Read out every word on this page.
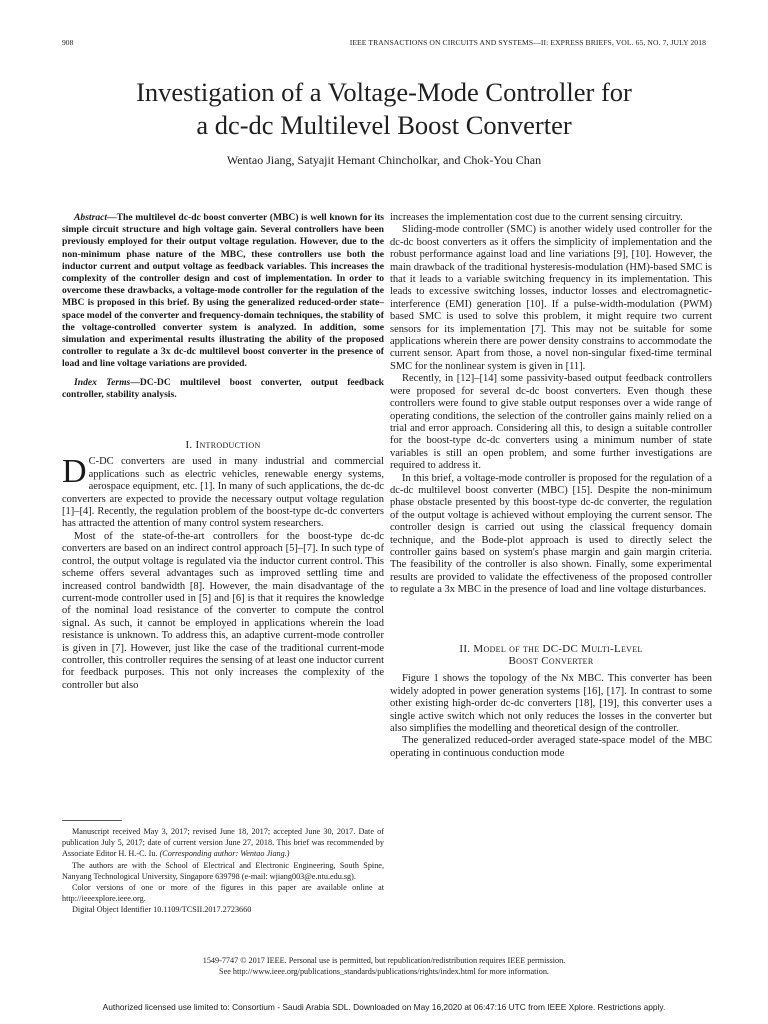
908	IEEE TRANSACTIONS ON CIRCUITS AND SYSTEMS—II: EXPRESS BRIEFS, VOL. 65, NO. 7, JULY 2018
Investigation of a Voltage-Mode Controller for
a dc-dc Multilevel Boost Converter
Wentao Jiang, Satyajit Hemant Chincholkar, and Chok-You Chan

Abstract—The multilevel dc-dc boost converter (MBC) is well known for its simple circuit structure and high voltage gain. Several controllers have been previously employed for their output voltage regulation. However, due to the non-minimum phase nature of the MBC, these controllers use both the inductor current and output voltage as feedback variables. This increases the complexity of the controller design and cost of implementation. In order to overcome these drawbacks, a voltage-mode controller for the regulation of the MBC is proposed in this brief. By using the generalized reduced-order state–space model of the converter and frequency-domain techniques, the stability of the voltage-controlled converter system is analyzed. In addition, some simulation and experimental results illustrating the ability of the proposed controller to regulate a 3x dc-dc multilevel boost converter in the presence of load and line voltage variations are provided.

Index Terms—DC-DC multilevel boost converter, output feedback controller, stability analysis.

I. Introduction

D C-DC converters are used in many industrial and commercial applications such as electric vehicles, renewable energy systems, aerospace equipment, etc. [1]. In many of such applications, the dc-dc converters are expected to provide the necessary output voltage regulation [1]–[4]. Recently, the regulation problem of the boost-type dc-dc converters has attracted the attention of many control system researchers.

Most of the state-of-the-art controllers for the boost-type dc-dc converters are based on an indirect control approach [5]–[7]. In such type of control, the output voltage is regulated via the inductor current control. This scheme offers several advantages such as improved settling time and increased control bandwidth [8]. However, the main disadvantage of the current-mode controller used in [5] and [6] is that it requires the knowledge of the nominal load resistance of the converter to compute the control signal. As such, it cannot be employed in applications wherein the load resistance is unknown. To address this, an adaptive current-mode controller is given in [7]. However, just like the case of the traditional current-mode controller, this controller requires the sensing of at least one inductor current for feedback purposes. This not only increases the complexity of the controller but also

Manuscript received May 3, 2017; revised June 18, 2017; accepted June 30, 2017. Date of publication July 5, 2017; date of current version June 27, 2018. This brief was recommended by Associate Editor H. H.-C. Iu. (Corresponding author: Wentao Jiang.)

The authors are with the School of Electrical and Electronic Engineering, South Spine, Nanyang Technological University, Singapore 639798 (e-mail: wjiang003@e.ntu.edu.sg).

Color versions of one or more of the figures in this paper are available online at http://ieeexplore.ieee.org.

Digital Object Identifier 10.1109/TCSII.2017.2723660

increases the implementation cost due to the current sensing circuitry.

Sliding-mode controller (SMC) is another widely used controller for the dc-dc boost converters as it offers the simplicity of implementation and the robust performance against load and line variations [9], [10]. However, the main drawback of the traditional hysteresis-modulation (HM)-based SMC is that it leads to a variable switching frequency in its implementation. This leads to excessive switching losses, inductor losses and electromagnetic-interference (EMI) generation [10]. If a pulse-width-modulation (PWM) based SMC is used to solve this problem, it might require two current sensors for its implementation [7]. This may not be suitable for some applications wherein there are power density constrains to accommodate the current sensor. Apart from those, a novel non-singular fixed-time terminal SMC for the nonlinear system is given in [11].

Recently, in [12]–[14] some passivity-based output feedback controllers were proposed for several dc-dc boost converters. Even though these controllers were found to give stable output responses over a wide range of operating conditions, the selection of the controller gains mainly relied on a trial and error approach. Considering all this, to design a suitable controller for the boost-type dc-dc converters using a minimum number of state variables is still an open problem, and some further investigations are required to address it.

In this brief, a voltage-mode controller is proposed for the regulation of a dc-dc multilevel boost converter (MBC) [15]. Despite the non-minimum phase obstacle presented by this boost-type dc-dc converter, the regulation of the output voltage is achieved without employing the current sensor. The controller design is carried out using the classical frequency domain technique, and the Bode-plot approach is used to directly select the controller gains based on system's phase margin and gain margin criteria. The feasibility of the controller is also shown. Finally, some experimental results are provided to validate the effectiveness of the proposed controller to regulate a 3x MBC in the presence of load and line voltage disturbances.

II. Model of the DC-DC Multi-Level
Boost Converter

Figure 1 shows the topology of the Nx MBC. This converter has been widely adopted in power generation systems [16], [17]. In contrast to some other existing high-order dc-dc converters [18], [19], this converter uses a single active switch which not only reduces the losses in the converter but also simplifies the modelling and theoretical design of the controller.

The generalized reduced-order averaged state-space model of the MBC operating in continuous conduction mode

1549-7747 © 2017 IEEE. Personal use is permitted, but republication/redistribution requires IEEE permission.
See http://www.ieee.org/publications_standards/publications/rights/index.html for more information.
Authorized licensed use limited to: Consortium - Saudi Arabia SDL. Downloaded on May 16,2020 at 06:47:16 UTC from IEEE Xplore. Restrictions apply.
